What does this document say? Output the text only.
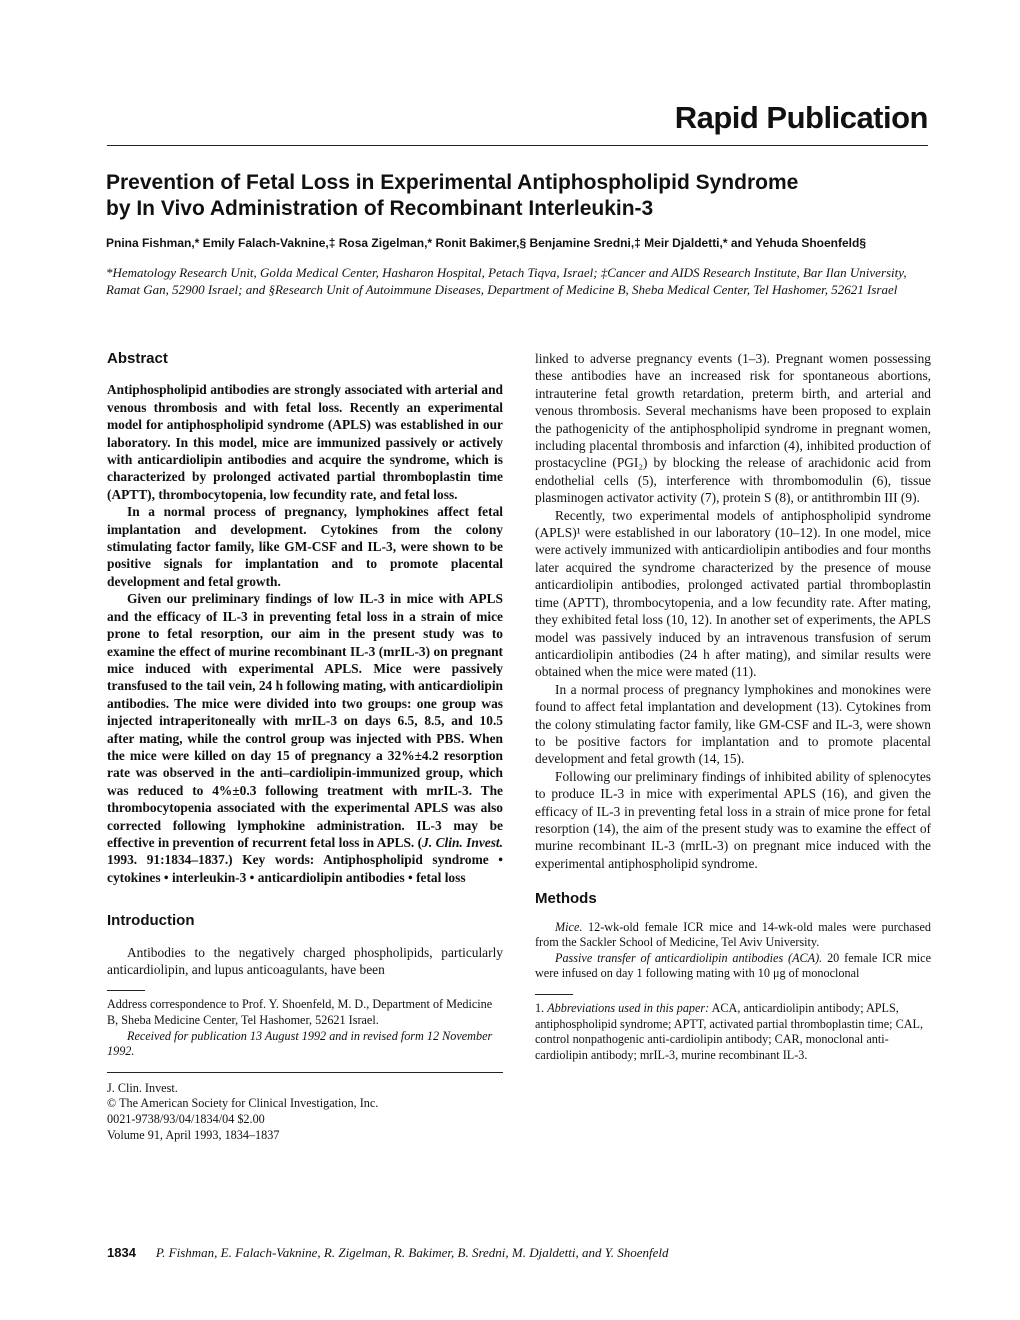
Rapid Publication
Prevention of Fetal Loss in Experimental Antiphospholipid Syndrome
by In Vivo Administration of Recombinant Interleukin-3
Pnina Fishman,* Emily Falach-Vaknine,‡ Rosa Zigelman,* Ronit Bakimer,§ Benjamine Sredni,‡ Meir Djaldetti,* and Yehuda Shoenfeld§
*Hematology Research Unit, Golda Medical Center, Hasharon Hospital, Petach Tiqva, Israel; ‡Cancer and AIDS Research Institute, Bar Ilan University, Ramat Gan, 52900 Israel; and §Research Unit of Autoimmune Diseases, Department of Medicine B, Sheba Medical Center, Tel Hashomer, 52621 Israel
Abstract

Antiphospholipid antibodies are strongly associated with arterial and venous thrombosis and with fetal loss. Recently an experimental model for antiphospholipid syndrome (APLS) was established in our laboratory. In this model, mice are immunized passively or actively with anticardiolipin antibodies and acquire the syndrome, which is characterized by prolonged activated partial thromboplastin time (APTT), thrombocytopenia, low fecundity rate, and fetal loss.

In a normal process of pregnancy, lymphokines affect fetal implantation and development. Cytokines from the colony stimulating factor family, like GM-CSF and IL-3, were shown to be positive signals for implantation and to promote placental development and fetal growth.

Given our preliminary findings of low IL-3 in mice with APLS and the efficacy of IL-3 in preventing fetal loss in a strain of mice prone to fetal resorption, our aim in the present study was to examine the effect of murine recombinant IL-3 (mrIL-3) on pregnant mice induced with experimental APLS. Mice were passively transfused to the tail vein, 24 h following mating, with anticardiolipin antibodies. The mice were divided into two groups: one group was injected intraperitoneally with mrIL-3 on days 6.5, 8.5, and 10.5 after mating, while the control group was injected with PBS. When the mice were killed on day 15 of pregnancy a 32%±4.2 resorption rate was observed in the anti–cardiolipin-immunized group, which was reduced to 4%±0.3 following treatment with mrIL-3. The thrombocytopenia associated with the experimental APLS was also corrected following lymphokine administration. IL-3 may be effective in prevention of recurrent fetal loss in APLS. (J. Clin. Invest. 1993. 91:1834–1837.) Key words: Antiphospholipid syndrome • cytokines • interleukin-3 • anticardiolipin antibodies • fetal loss

Introduction

Antibodies to the negatively charged phospholipids, particularly anticardiolipin, and lupus anticoagulants, have been

Address correspondence to Prof. Y. Shoenfeld, M. D., Department of Medicine B, Sheba Medicine Center, Tel Hashomer, 52621 Israel.
Received for publication 13 August 1992 and in revised form 12 November 1992.
J. Clin. Invest.
© The American Society for Clinical Investigation, Inc.
0021-9738/93/04/1834/04 $2.00
Volume 91, April 1993, 1834–1837

linked to adverse pregnancy events (1–3). Pregnant women possessing these antibodies have an increased risk for spontaneous abortions, intrauterine fetal growth retardation, preterm birth, and arterial and venous thrombosis. Several mechanisms have been proposed to explain the pathogenicity of the antiphospholipid syndrome in pregnant women, including placental thrombosis and infarction (4), inhibited production of prostacycline (PGI₂) by blocking the release of arachidonic acid from endothelial cells (5), interference with thrombomodulin (6), tissue plasminogen activator activity (7), protein S (8), or antithrombin III (9).

Recently, two experimental models of antiphospholipid syndrome (APLS)¹ were established in our laboratory (10–12). In one model, mice were actively immunized with anticardiolipin antibodies and four months later acquired the syndrome characterized by the presence of mouse anticardiolipin antibodies, prolonged activated partial thromboplastin time (APTT), thrombocytopenia, and a low fecundity rate. After mating, they exhibited fetal loss (10, 12). In another set of experiments, the APLS model was passively induced by an intravenous transfusion of serum anticardiolipin antibodies (24 h after mating), and similar results were obtained when the mice were mated (11).

In a normal process of pregnancy lymphokines and monokines were found to affect fetal implantation and development (13). Cytokines from the colony stimulating factor family, like GM-CSF and IL-3, were shown to be positive factors for implantation and to promote placental development and fetal growth (14, 15).

Following our preliminary findings of inhibited ability of splenocytes to produce IL-3 in mice with experimental APLS (16), and given the efficacy of IL-3 in preventing fetal loss in a strain of mice prone for fetal resorption (14), the aim of the present study was to examine the effect of murine recombinant IL-3 (mrIL-3) on pregnant mice induced with the experimental antiphospholipid syndrome.

Methods

Mice. 12-wk-old female ICR mice and 14-wk-old males were purchased from the Sackler School of Medicine, Tel Aviv University.

Passive transfer of anticardiolipin antibodies (ACA). 20 female ICR mice were infused on day 1 following mating with 10 μg of monoclonal

1. Abbreviations used in this paper: ACA, anticardiolipin antibody; APLS, antiphospholipid syndrome; APTT, activated partial thromboplastin time; CAL, control nonpathogenic anti-cardiolipin antibody; CAR, monoclonal anti-cardiolipin antibody; mrIL-3, murine recombinant IL-3.
1834 P. Fishman, E. Falach-Vaknine, R. Zigelman, R. Bakimer, B. Sredni, M. Djaldetti, and Y. Shoenfeld
